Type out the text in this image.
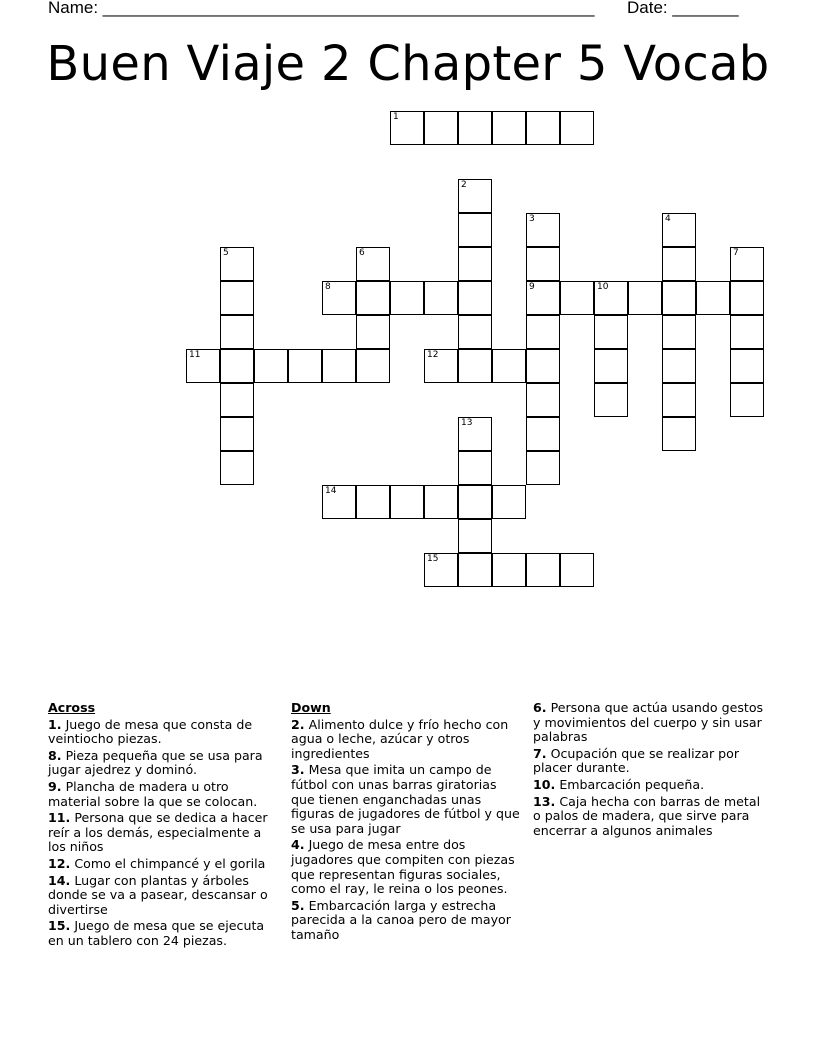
Name: ____________________________________________________ Date: _______
Buen Viaje 2 Chapter 5 Vocab
1
2
3	4
5	6	7
8	9	10
11	12
13
14
15
Across
1. Juego de mesa que consta de veintiocho piezas.
8. Pieza pequeña que se usa para jugar ajedrez y dominó.
9. Plancha de madera u otro material sobre la que se colocan.
11. Persona que se dedica a hacer reír a los demás, especialmente a los niños
12. Como el chimpancé y el gorila
14. Lugar con plantas y árboles donde se va a pasear, descansar o divertirse
15. Juego de mesa que se ejecuta en un tablero con 24 piezas.
Down
2. Alimento dulce y frío hecho con agua o leche, azúcar y otros ingredientes
3. Mesa que imita un campo de fútbol con unas barras giratorias que tienen enganchadas unas figuras de jugadores de fútbol y que se usa para jugar
4. Juego de mesa entre dos jugadores que compiten con piezas que representan figuras sociales, como el ray, le reina o los peones.
5. Embarcación larga y estrecha parecida a la canoa pero de mayor tamaño
6. Persona que actúa usando gestos y movimientos del cuerpo y sin usar palabras
7. Ocupación que se realizar por placer durante.
10. Embarcación pequeña.
13. Caja hecha con barras de metal o palos de madera, que sirve para encerrar a algunos animales
